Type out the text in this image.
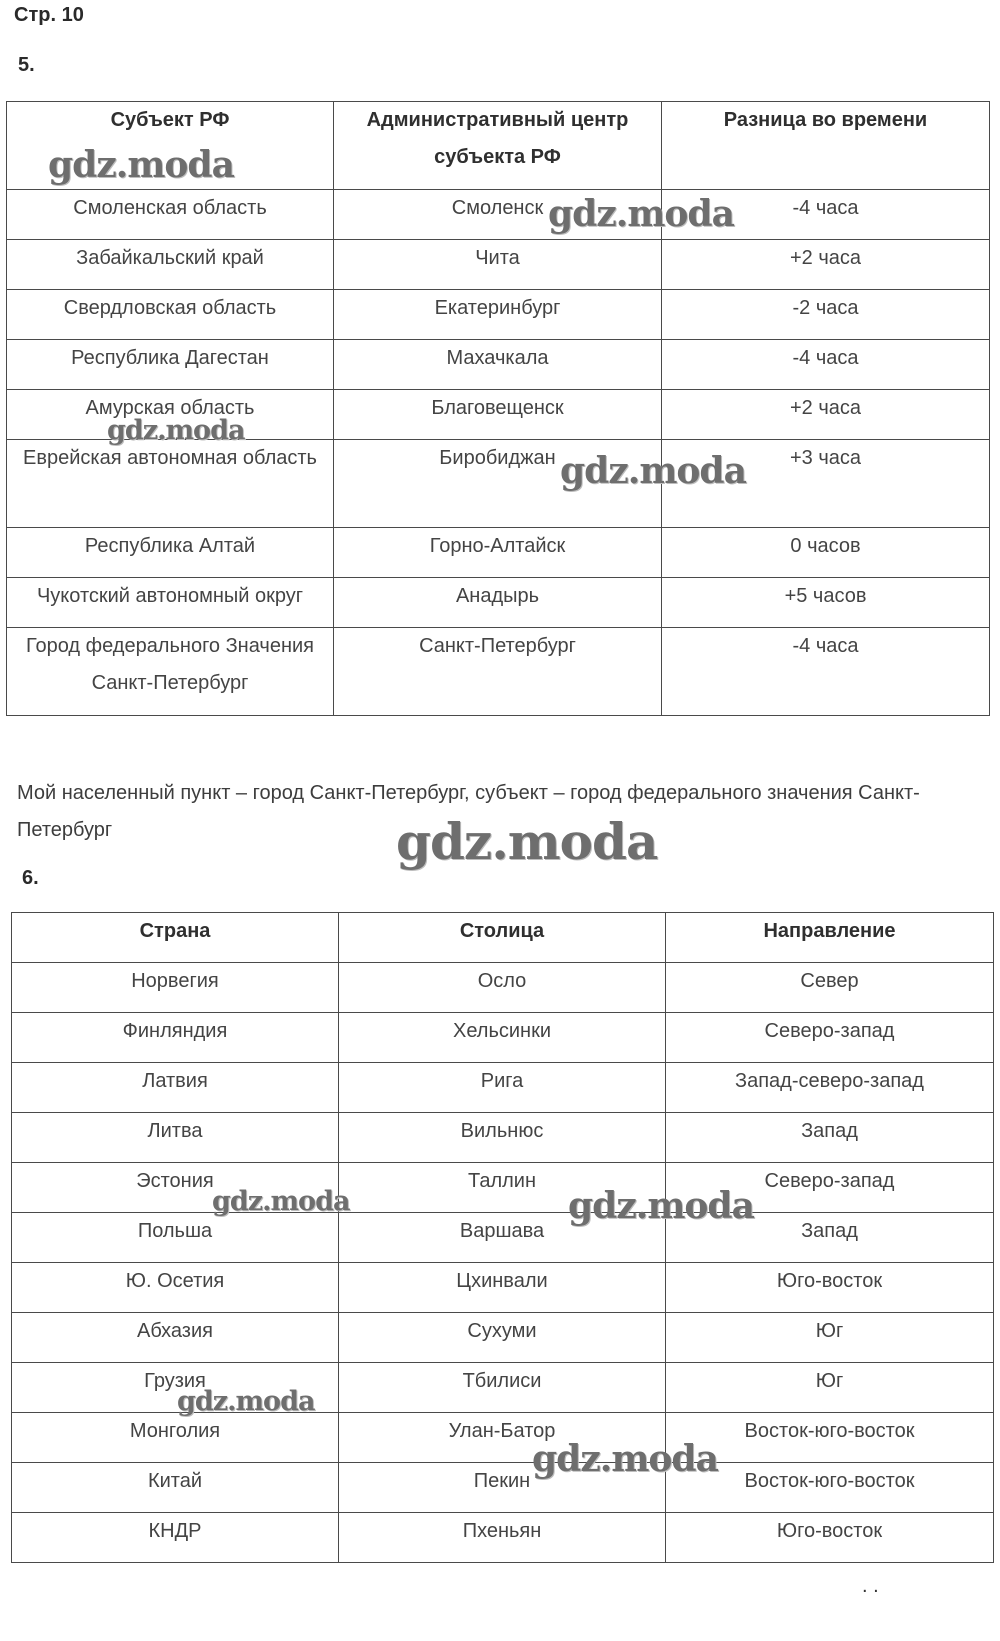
Стр. 10
5.
Субъект РФ	Административный центр субъекта РФ	Разница во времени
Смоленская область	Смоленск	-4 часа
Забайкальский край	Чита	+2 часа
Свердловская область	Екатеринбург	-2 часа
Республика Дагестан	Махачкала	-4 часа
Амурская область	Благовещенск	+2 часа
Еврейская автономная область	Биробиджан	+3 часа
Республика Алтай	Горно-Алтайск	0 часов
Чукотский автономный округ	Анадырь	+5 часов
Город федерального Значения Санкт-Петербург	Санкт-Петербург	-4 часа
Мой населенный пункт – город Санкт-Петербург, субъект – город федерального значения Санкт-Петербург
6.
Страна	Столица	Направление
Норвегия	Осло	Север
Финляндия	Хельсинки	Северо-запад
Латвия	Рига	Запад-северо-запад
Литва	Вильнюс	Запад
Эстония	Таллин	Северо-запад
Польша	Варшава	Запад
Ю. Осетия	Цхинвали	Юго-восток
Абхазия	Сухуми	Юг
Грузия	Тбилиси	Юг
Монголия	Улан-Батор	Восток-юго-восток
Китай	Пекин	Восток-юго-восток
КНДР	Пхеньян	Юго-восток
gdz.moda
gdz.moda
gdz.moda
gdz.moda
gdz.moda
gdz.moda	gdz.moda
gdz.moda
gdz.moda
. .
